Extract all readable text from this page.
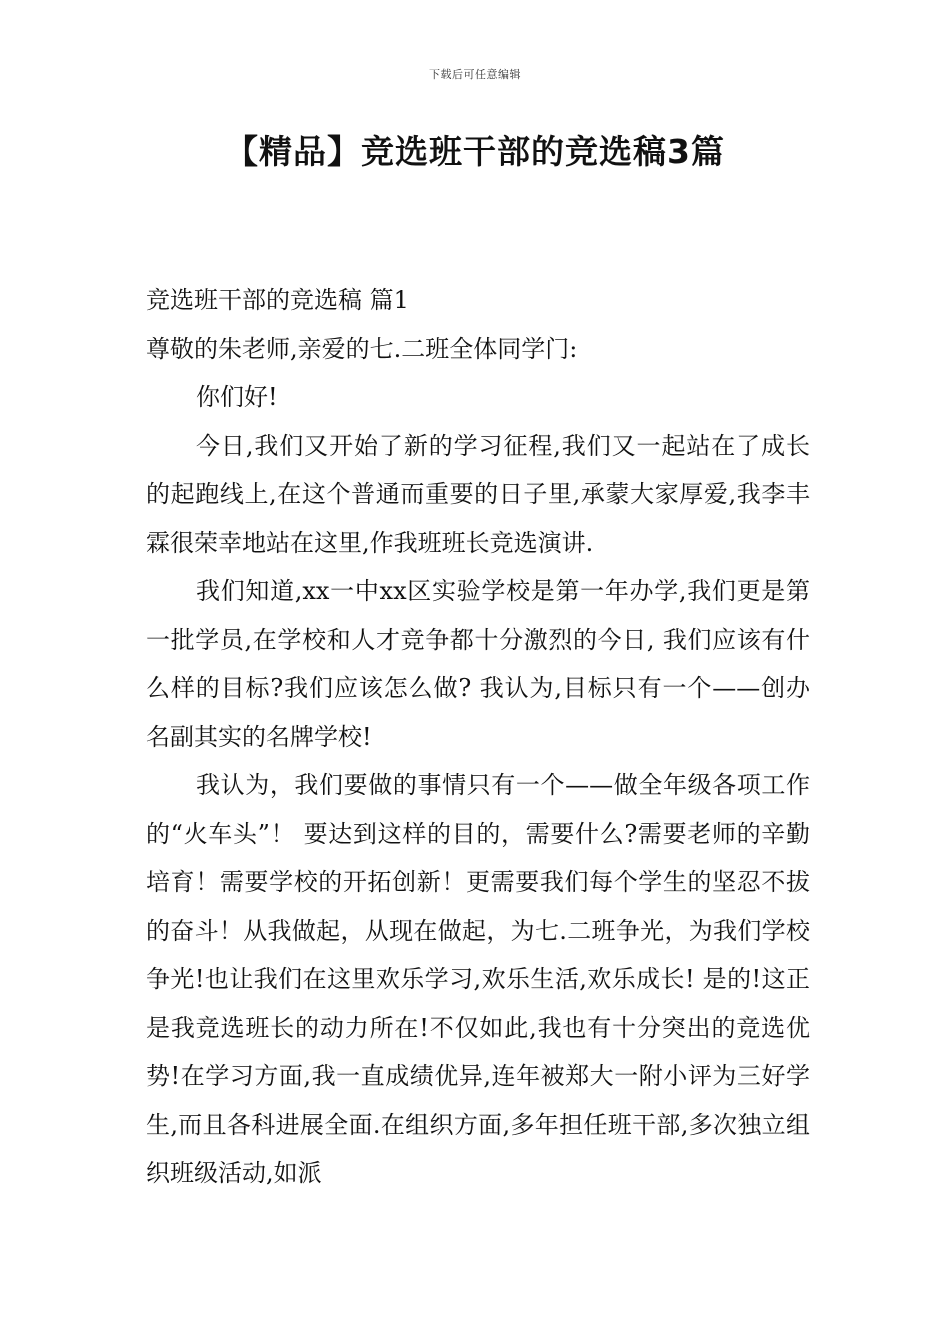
下载后可任意编辑
【精品】竞选班干部的竞选稿3篇

竞选班干部的竞选稿 篇1

尊敬的朱老师,亲爱的七.二班全体同学门:

你们好!

今日,我们又开始了新的学习征程,我们又一起站在了成长的起跑线上,在这个普通而重要的日子里,承蒙大家厚爱,我李丰霖很荣幸地站在这里,作我班班长竞选演讲.

我们知道,xx一中xx区实验学校是第一年办学,我们更是第一批学员,在学校和人才竞争都十分激烈的今日, 我们应该有什么样的目标?我们应该怎么做? 我认为,目标只有一个——创办名副其实的名牌学校!

我认为，我们要做的事情只有一个——做全年级各项工作的“火车头”！ 要达到这样的目的，需要什么?需要老师的辛勤培育！需要学校的开拓创新！更需要我们每个学生的坚忍不拔的奋斗！从我做起，从现在做起，为七.二班争光，为我们学校争光!也让我们在这里欢乐学习,欢乐生活,欢乐成长! 是的!这正是我竞选班长的动力所在!不仅如此,我也有十分突出的竞选优势!在学习方面,我一直成绩优异,连年被郑大一附小评为三好学生,而且各科进展全面.在组织方面,多年担任班干部,多次独立组织班级活动,如派
